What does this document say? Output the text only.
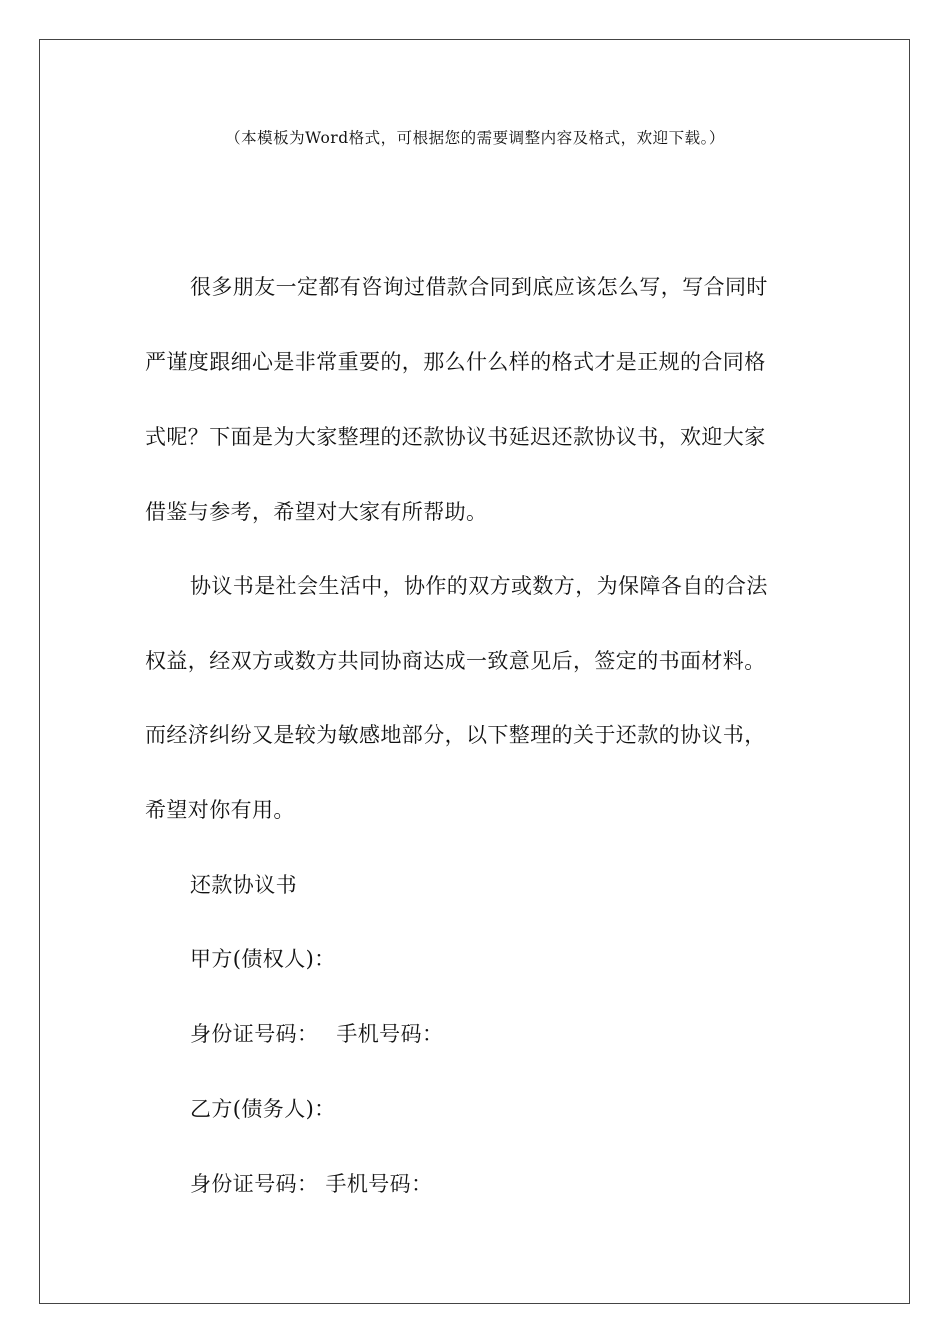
（本模板为Word格式，可根据您的需要调整内容及格式，欢迎下载。）
很多朋友一定都有咨询过借款合同到底应该怎么写，写合同时
严谨度跟细心是非常重要的，那么什么样的格式才是正规的合同格
式呢？下面是为大家整理的还款协议书延迟还款协议书，欢迎大家
借鉴与参考，希望对大家有所帮助。
协议书是社会生活中，协作的双方或数方，为保障各自的合法
权益，经双方或数方共同协商达成一致意见后，签定的书面材料。
而经济纠纷又是较为敏感地部分，以下整理的关于还款的协议书，
希望对你有用。
还款协议书
甲方(债权人)：
身份证号码：　 手机号码：
乙方(债务人)：
身份证号码： 手机号码：
